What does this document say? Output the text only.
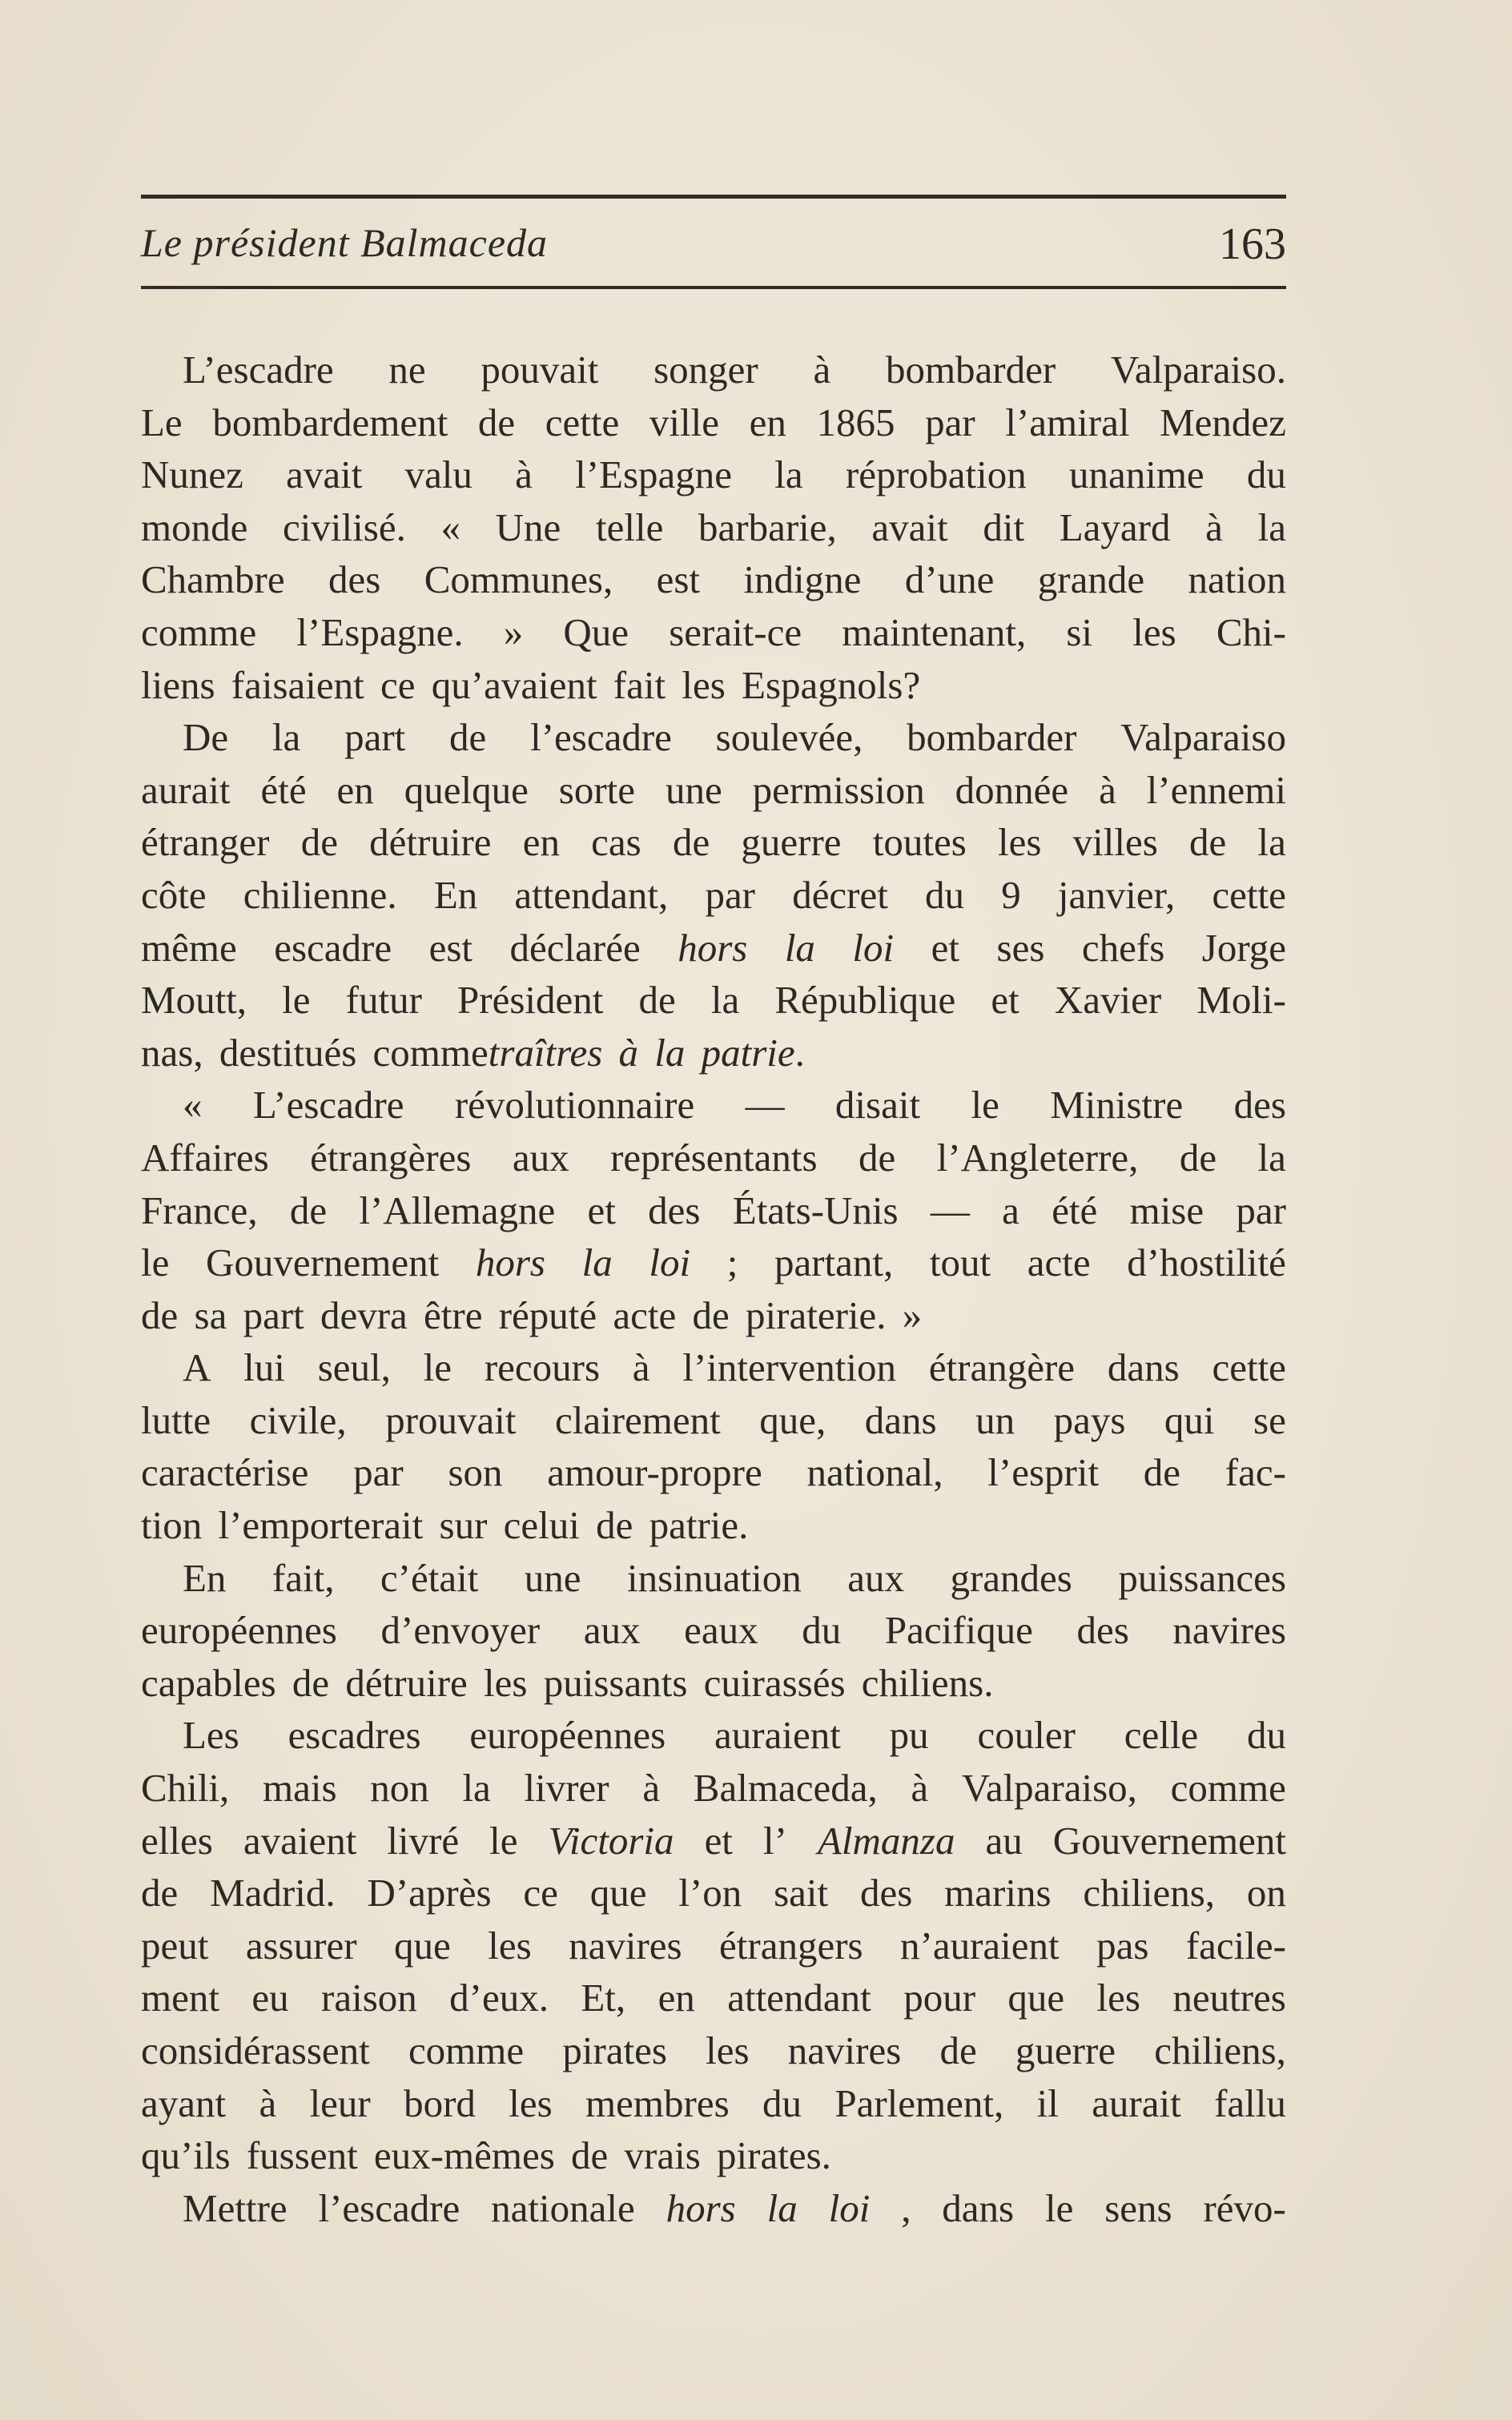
Le président Balmaceda	163
L’escadre ne pouvait songer à bombarder Valparaiso.
Le bombardement de cette ville en 1865 par l’amiral Mendez
Nunez avait valu à l’Espagne la réprobation unanime du
monde civilisé. « Une telle barbarie, avait dit Layard à la
Chambre des Communes, est indigne d’une grande nation
comme l’Espagne. » Que serait-ce maintenant, si les Chi-
liens faisaient ce qu’avaient fait les Espagnols?
De la part de l’escadre soulevée, bombarder Valparaiso
aurait été en quelque sorte une permission donnée à l’ennemi
étranger de détruire en cas de guerre toutes les villes de la
côte chilienne. En attendant, par décret du 9 janvier, cette
même escadre est déclarée hors la loi et ses chefs Jorge
Moutt, le futur Président de la République et Xavier Moli-
nas, destitués comme traîtres à la patrie .
« L’escadre révolutionnaire — disait le Ministre des
Affaires étrangères aux représentants de l’Angleterre, de la
France, de l’Allemagne et des États-Unis — a été mise par
le Gouvernement hors la loi ; partant, tout acte d’hostilité
de sa part devra être réputé acte de piraterie. »
A lui seul, le recours à l’intervention étrangère dans cette
lutte civile, prouvait clairement que, dans un pays qui se
caractérise par son amour-propre national, l’esprit de fac-
tion l’emporterait sur celui de patrie.
En fait, c’était une insinuation aux grandes puissances
européennes d’envoyer aux eaux du Pacifique des navires
capables de détruire les puissants cuirassés chiliens.
Les escadres européennes auraient pu couler celle du
Chili, mais non la livrer à Balmaceda, à Valparaiso, comme
elles avaient livré le Victoria et l’ Almanza au Gouvernement
de Madrid. D’après ce que l’on sait des marins chiliens, on
peut assurer que les navires étrangers n’auraient pas facile-
ment eu raison d’eux. Et, en attendant pour que les neutres
considérassent comme pirates les navires de guerre chiliens,
ayant à leur bord les membres du Parlement, il aurait fallu
qu’ils fussent eux-mêmes de vrais pirates.
Mettre l’escadre nationale hors la loi , dans le sens révo-
